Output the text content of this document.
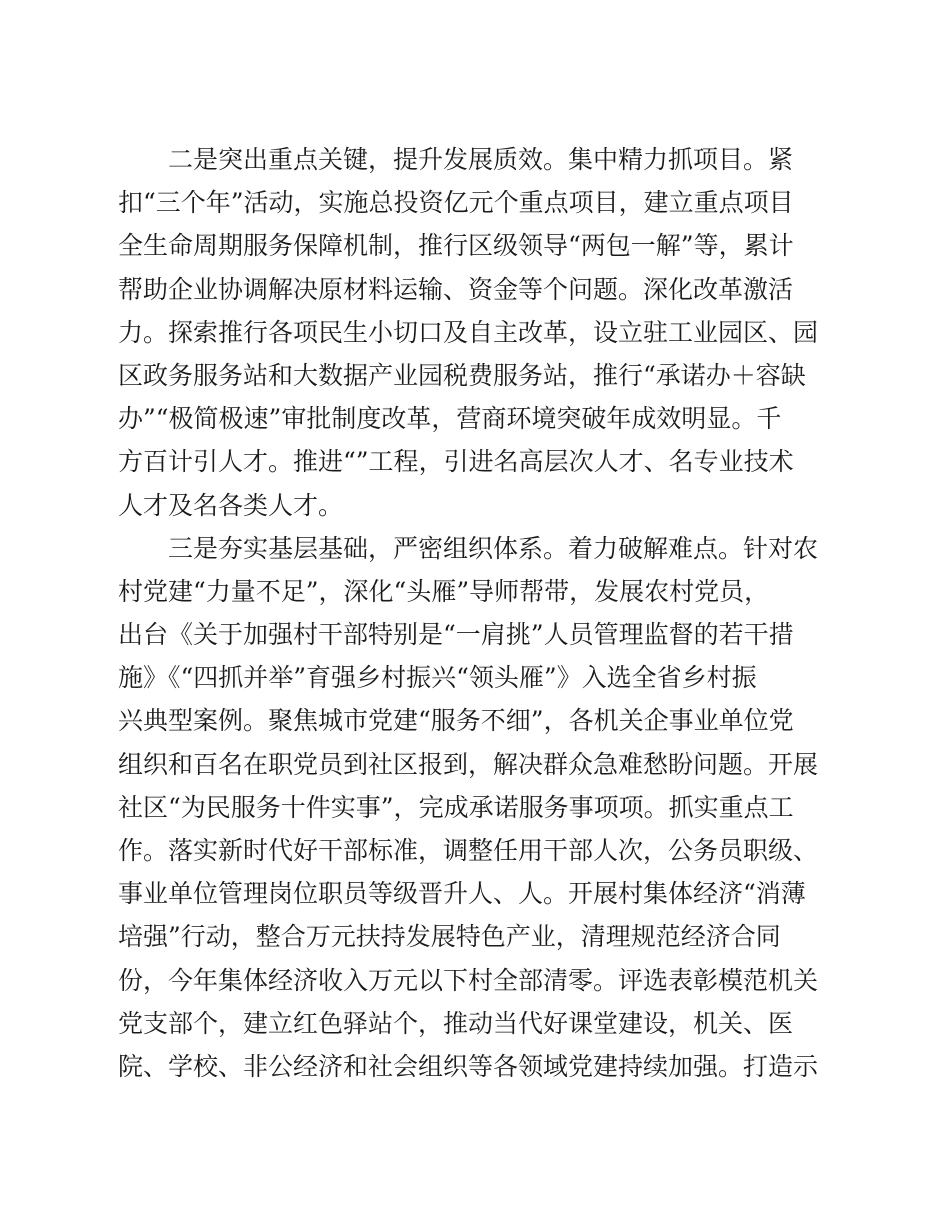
二是突出重点关键，提升发展质效。集中精力抓项目。紧
扣“三个年”活动，实施总投资亿元个重点项目，建立重点项目
全生命周期服务保障机制，推行区级领导“两包一解”等，累计
帮助企业协调解决原材料运输、资金等个问题。深化改革激活
力。探索推行各项民生小切口及自主改革，设立驻工业园区、园
区政务服务站和大数据产业园税费服务站，推行“承诺办＋容缺
办”“极简极速”审批制度改革，营商环境突破年成效明显。千
方百计引人才。推进“”工程，引进名高层次人才、名专业技术
人才及名各类人才。
三是夯实基层基础，严密组织体系。着力破解难点。针对农
村党建“力量不足”，深化“头雁”导师帮带，发展农村党员，
出台《关于加强村干部特别是“一肩挑”人员管理监督的若干措
施》《“四抓并举”育强乡村振兴“领头雁”》入选全省乡村振
兴典型案例。聚焦城市党建“服务不细”，各机关企事业单位党
组织和百名在职党员到社区报到，解决群众急难愁盼问题。开展
社区“为民服务十件实事”，完成承诺服务事项项。抓实重点工
作。落实新时代好干部标准，调整任用干部人次，公务员职级、
事业单位管理岗位职员等级晋升人、人。开展村集体经济“消薄
培强”行动，整合万元扶持发展特色产业，清理规范经济合同
份，今年集体经济收入万元以下村全部清零。评选表彰模范机关
党支部个，建立红色驿站个，推动当代好课堂建设，机关、医
院、学校、非公经济和社会组织等各领域党建持续加强。打造示
